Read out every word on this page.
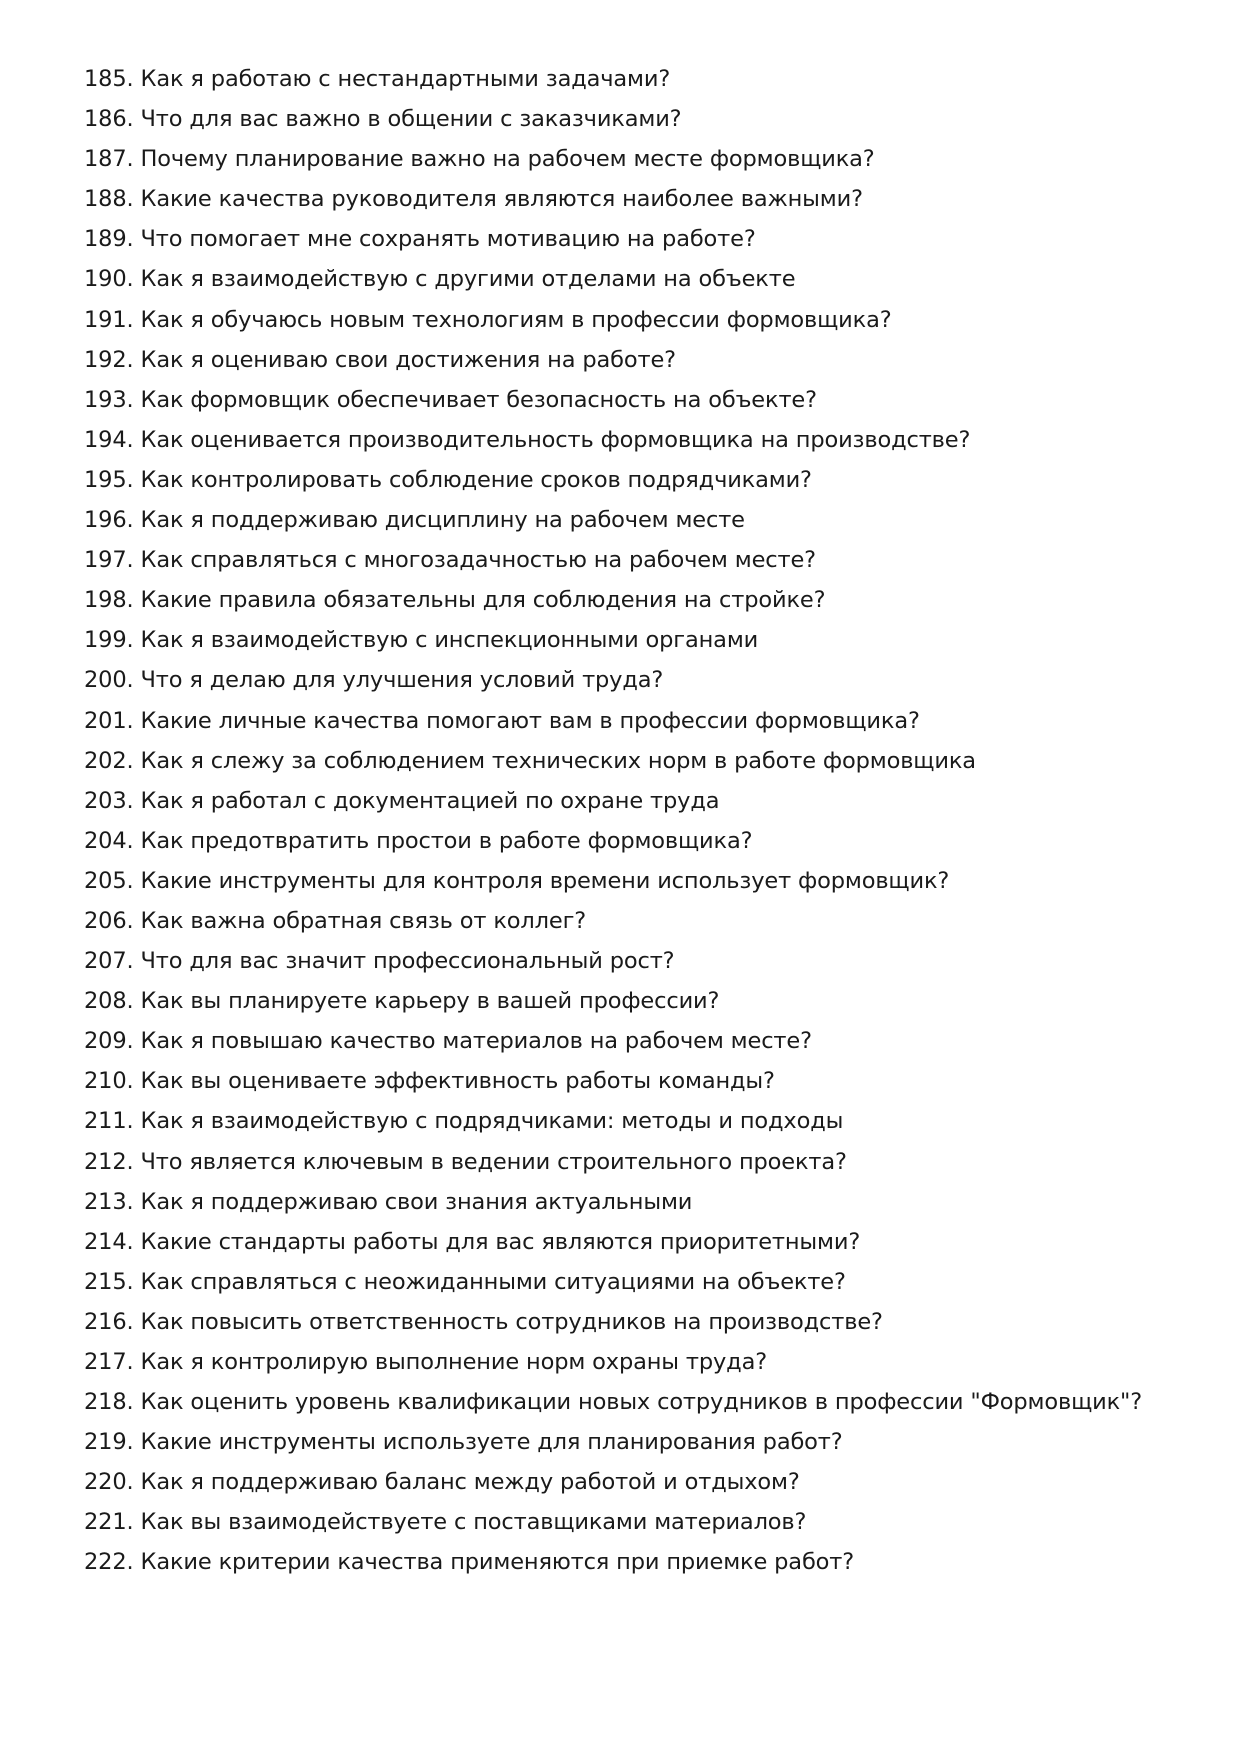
185 . Как я работаю с нестандартными задачами?
186 . Что для вас важно в общении с заказчиками?
187 . Почему планирование важно на рабочем месте формовщика?
188 . Какие качества руководителя являются наиболее важными?
189 . Что помогает мне сохранять мотивацию на работе?
190 . Как я взаимодействую с другими отделами на объекте
191 . Как я обучаюсь новым технологиям в профессии формовщика?
192 . Как я оцениваю свои достижения на работе?
193 . Как формовщик обеспечивает безопасность на объекте?
194 . Как оценивается производительность формовщика на производстве?
195 . Как контролировать соблюдение сроков подрядчиками?
196 . Как я поддерживаю дисциплину на рабочем месте
197 . Как справляться с многозадачностью на рабочем месте?
198 . Какие правила обязательны для соблюдения на стройке?
199 . Как я взаимодействую с инспекционными органами
200 . Что я делаю для улучшения условий труда?
201 . Какие личные качества помогают вам в профессии формовщика?
202 . Как я слежу за соблюдением технических норм в работе формовщика
203 . Как я работал с документацией по охране труда
204 . Как предотвратить простои в работе формовщика?
205 . Какие инструменты для контроля времени использует формовщик?
206 . Как важна обратная связь от коллег?
207 . Что для вас значит профессиональный рост?
208 . Как вы планируете карьеру в вашей профессии?
209 . Как я повышаю качество материалов на рабочем месте?
210 . Как вы оцениваете эффективность работы команды?
211 . Как я взаимодействую с подрядчиками: методы и подходы
212 . Что является ключевым в ведении строительного проекта?
213 . Как я поддерживаю свои знания актуальными
214 . Какие стандарты работы для вас являются приоритетными?
215 . Как справляться с неожиданными ситуациями на объекте?
216 . Как повысить ответственность сотрудников на производстве?
217 . Как я контролирую выполнение норм охраны труда?
218 . Как оценить уровень квалификации новых сотрудников в профессии "Формовщик"?
219 . Какие инструменты используете для планирования работ?
220 . Как я поддерживаю баланс между работой и отдыхом?
221 . Как вы взаимодействуете с поставщиками материалов?
222 . Какие критерии качества применяются при приемке работ?
